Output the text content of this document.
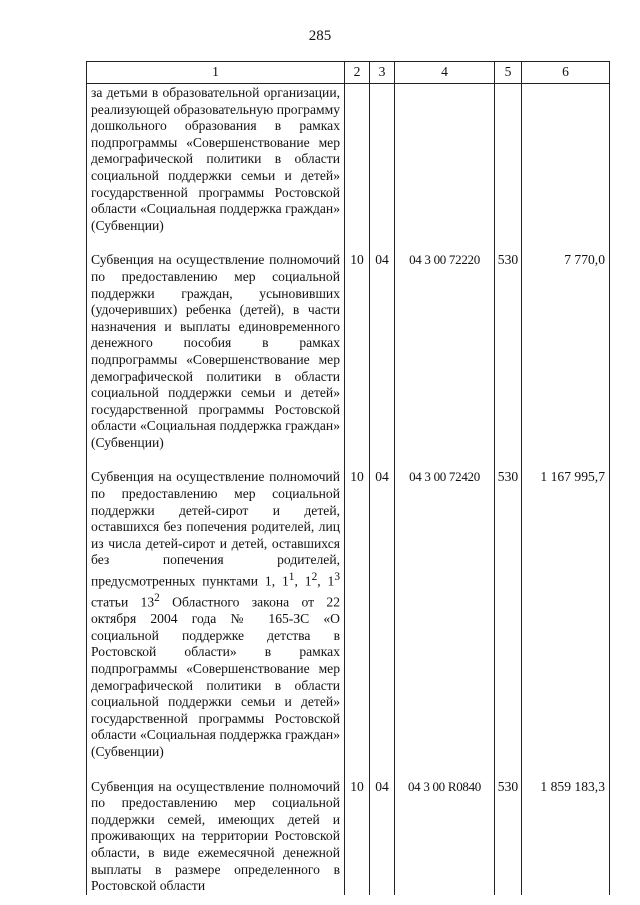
285
1	2	3	4	5	6
за детьми в образовательной организации, реализующей образовательную программу дошкольного образования в рамках подпрограммы «Совершенствование мер демографической политики в области социальной поддержки семьи и детей» государственной программы Ростовской области «Социальная поддержка граждан» (Субвенции)					
Субвенция на осуществление полномочий по предоставлению мер социальной поддержки граждан, усыновивших (удочеривших) ребенка (детей), в части назначения и выплаты единовременного денежного пособия в рамках подпрограммы «Совершенствование мер демографической политики в области социальной поддержки семьи и детей» государственной программы Ростовской области «Социальная поддержка граждан» (Субвенции)	10	04	04 3 00 72220	530	7 770,0

Субвенция на осуществление полномочий по предоставлению мер социальной поддержки детей-сирот и детей, оставшихся без попечения родителей, лиц из числа детей-сирот и детей, оставшихся без попечения родителей, предусмотренных пунктами 1, $1^1$, $1^2$, $1^3$ статьи $13^2$ Областного закона от 22 октября 2004 года № 165-ЗС «О социальной поддержке детства в Ростовской области» в рамках подпрограммы «Совершенствование мер демографической политики в области социальной поддержки семьи и детей» государственной программы Ростовской области «Социальная поддержка граждан» (Субвенции)	10	04	04 3 00 72420	530	1 167 995,7
Субвенция на осуществление полномочий по предоставлению мер социальной поддержки семей, имеющих детей и проживающих на территории Ростовской области, в виде ежемесячной денежной выплаты в размере определенного в Ростовской области	10	04	04 3 00 R0840	530	1 859 183,3
